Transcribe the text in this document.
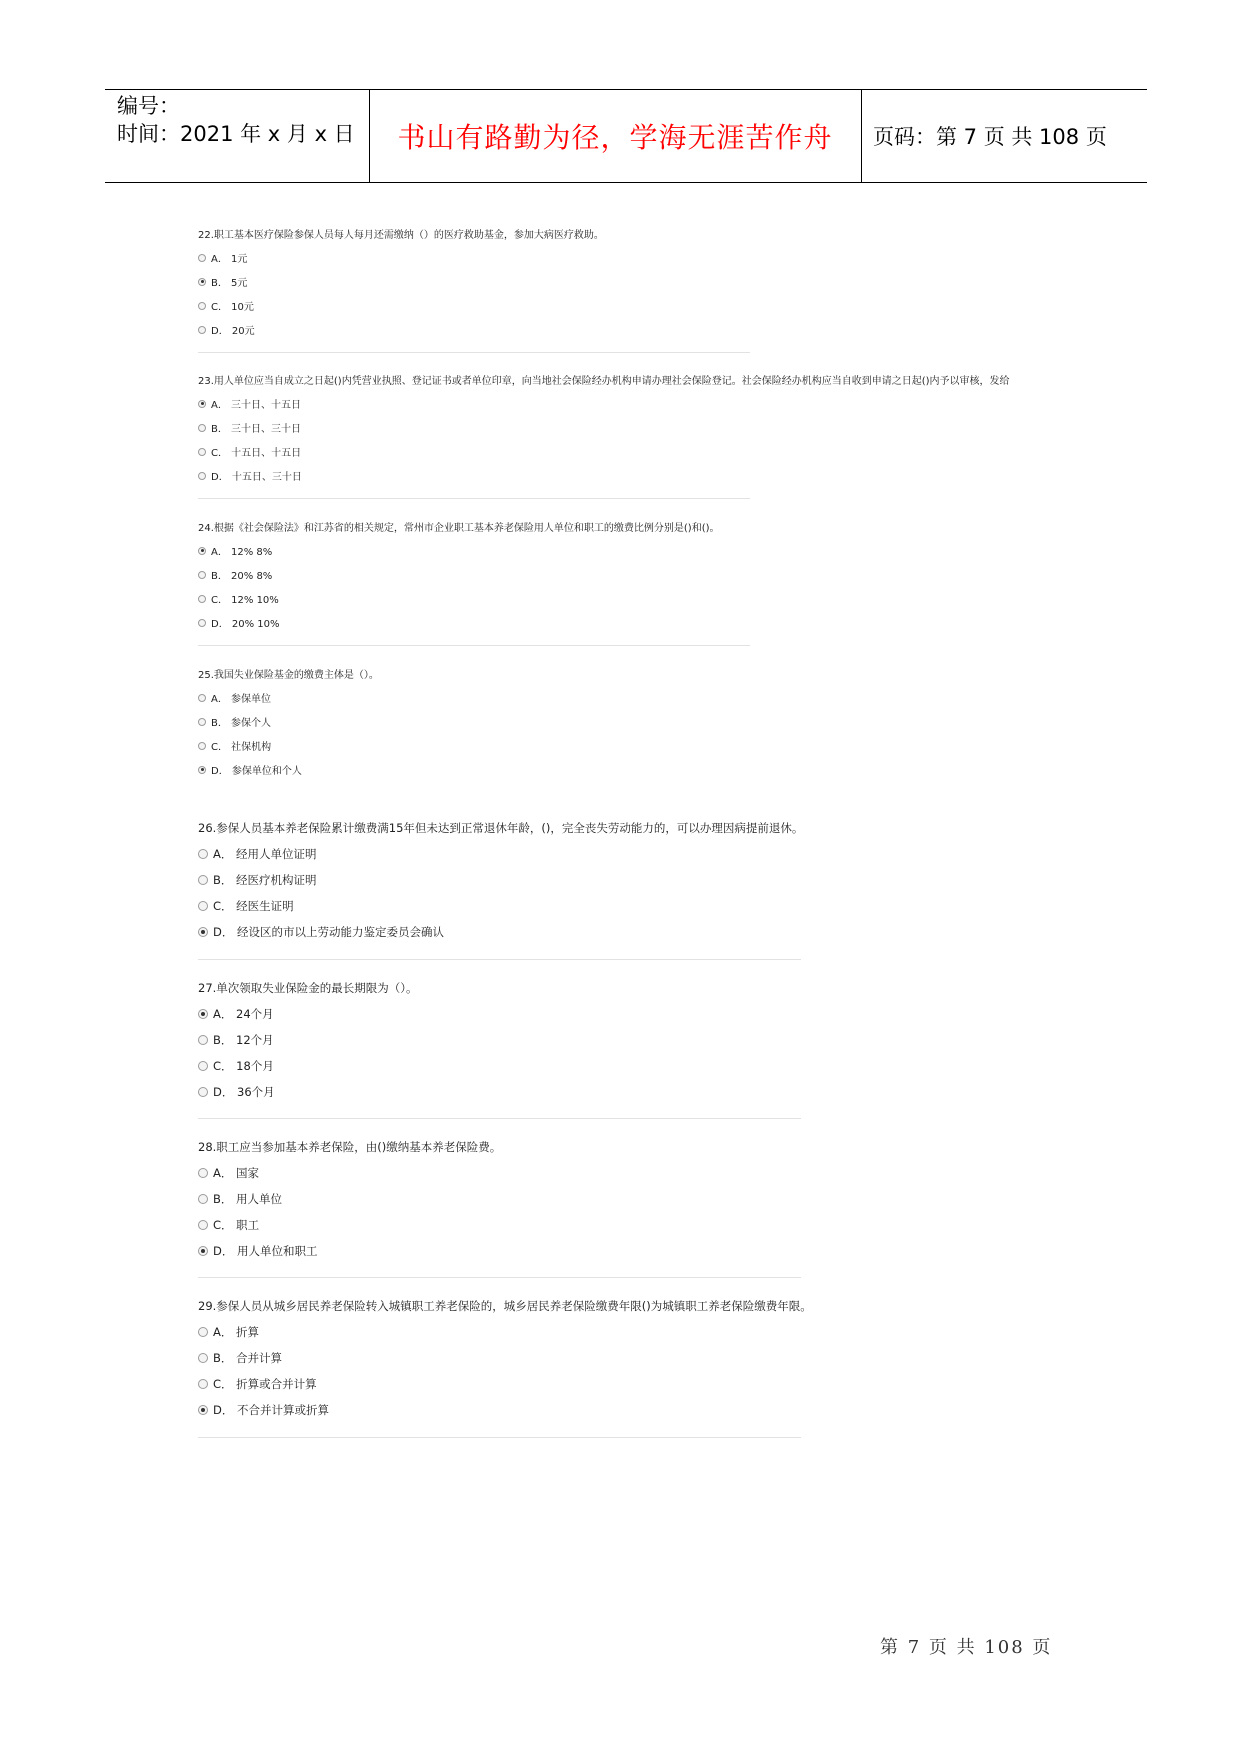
编号：
时间：2021 年 x 月 x 日	书山有路勤为径，学海无涯苦作舟	页码：第 7 页 共 108 页
22.职工基本医疗保险参保人员每人每月还需缴纳（）的医疗救助基金，参加大病医疗救助。
A． 1元
B． 5元
C． 10元
D． 20元
23.用人单位应当自成立之日起()内凭营业执照、登记证书或者单位印章，向当地社会保险经办机构申请办理社会保险登记。社会保险经办机构应当自收到申请之日起()内予以审核，发给
A． 三十日、十五日
B． 三十日、三十日
C． 十五日、十五日
D． 十五日、三十日
24.根据《社会保险法》和江苏省的相关规定，常州市企业职工基本养老保险用人单位和职工的缴费比例分别是()和()。
A． 12% 8%
B． 20% 8%
C． 12% 10%
D． 20% 10%
25.我国失业保险基金的缴费主体是（）。
A． 参保单位
B． 参保个人
C． 社保机构
D． 参保单位和个人
26.参保人员基本养老保险累计缴费满15年但未达到正常退休年龄，()，完全丧失劳动能力的，可以办理因病提前退休。
A． 经用人单位证明
B． 经医疗机构证明
C． 经医生证明
D． 经设区的市以上劳动能力鉴定委员会确认
27.单次领取失业保险金的最长期限为（）。
A． 24个月
B． 12个月
C． 18个月
D． 36个月
28.职工应当参加基本养老保险，由()缴纳基本养老保险费。
A． 国家
B． 用人单位
C． 职工
D． 用人单位和职工
29.参保人员从城乡居民养老保险转入城镇职工养老保险的，城乡居民养老保险缴费年限()为城镇职工养老保险缴费年限。
A． 折算
B． 合并计算
C． 折算或合并计算
D． 不合并计算或折算
第 7 页 共 108 页
